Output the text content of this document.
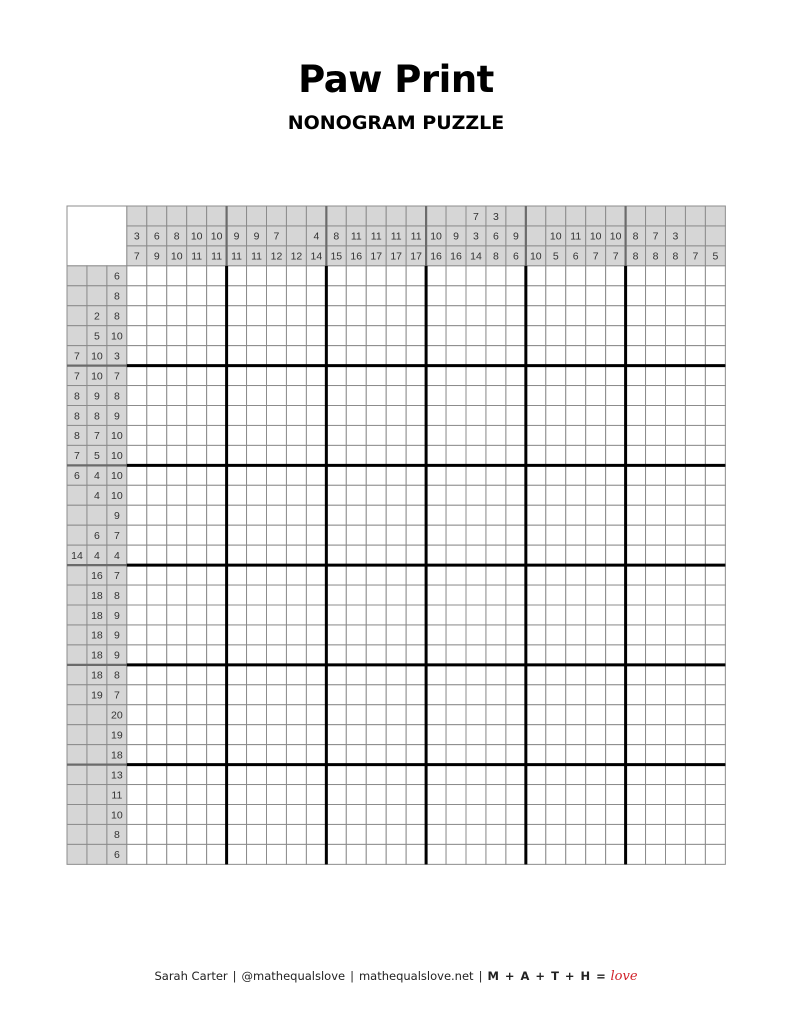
Paw Print
NONOGRAM PUZZLE
3
7
6
9
8
10
10
11
10
11
9
11
9
11
7
12 12
4
14
8
15
11
16
11
17
11
17
11
17
10
16
9
16
7
3
14
3
6
8
9
6 10
10
5
11
6
10
7
10
7
8
8
7
8
3
8 7 5
6
8
2 8
5 10
7 10 3
7 10 7
8 9 8
8 8 9
8 7 10
7 5 10
6 4 10
4 10
9
6 7
14 4 4
16 7
18 8
18 9
18 9
18 9
18 8
19 7
20
19
18
13
11
10
8
6
Sarah Carter | @mathequalslove | mathequalslove.net | M + A + T + H = love
